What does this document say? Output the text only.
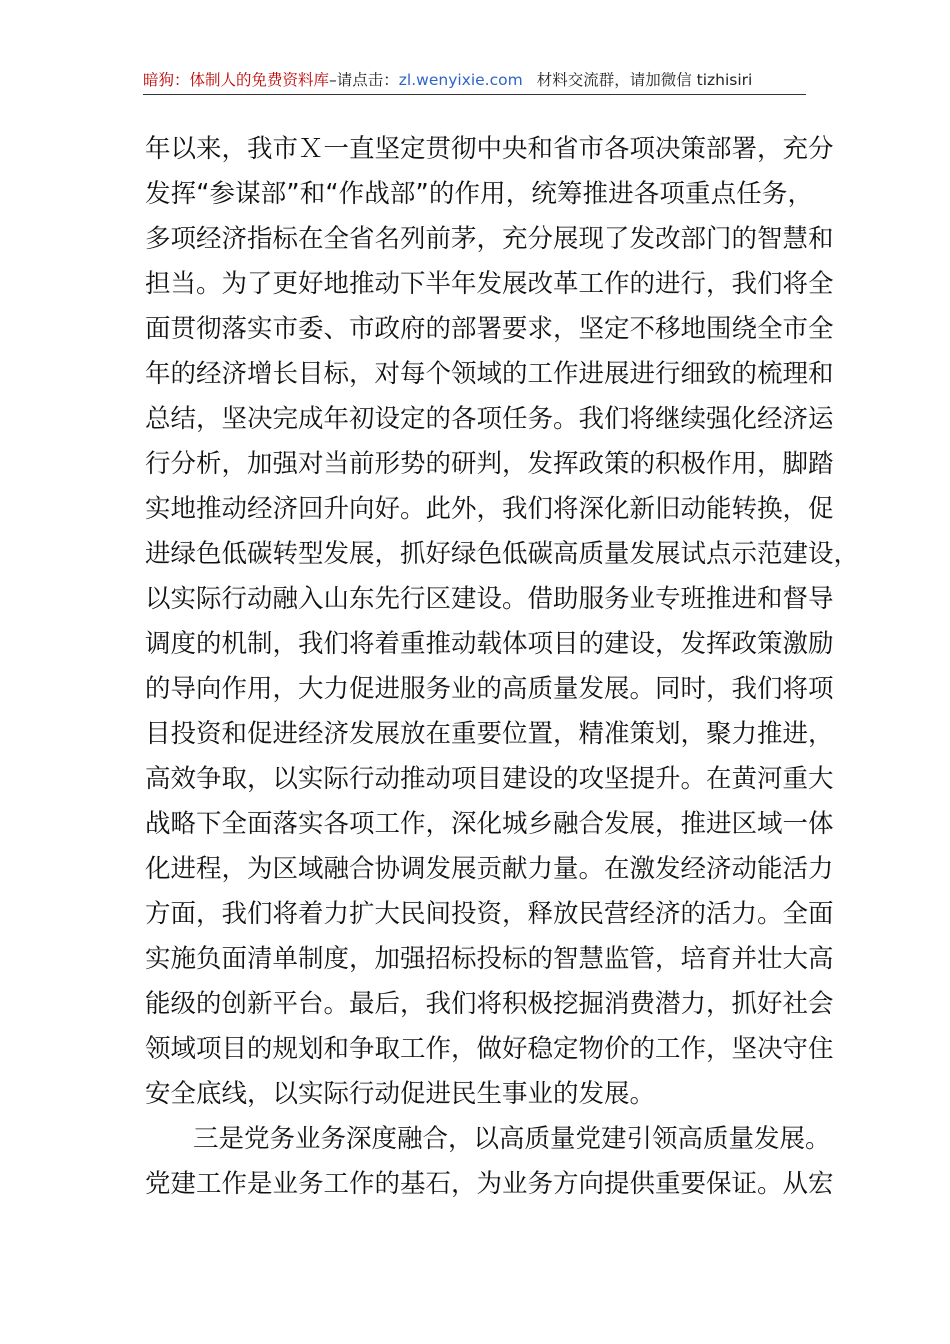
暗狗：体制人的免费资料库–请点击：zl.wenyixie.com 材料交流群，请加微信 tizhisiri
年以来，我市Ｘ一直坚定贯彻中央和省市各项决策部署，充分
发挥“参谋部”和“作战部”的作用，统筹推进各项重点任务，
多项经济指标在全省名列前茅，充分展现了发改部门的智慧和
担当。为了更好地推动下半年发展改革工作的进行，我们将全
面贯彻落实市委、市政府的部署要求，坚定不移地围绕全市全
年的经济增长目标，对每个领域的工作进展进行细致的梳理和
总结，坚决完成年初设定的各项任务。我们将继续强化经济运
行分析，加强对当前形势的研判，发挥政策的积极作用，脚踏
实地推动经济回升向好。此外，我们将深化新旧动能转换，促
进绿色低碳转型发展，抓好绿色低碳高质量发展试点示范建设，
以实际行动融入山东先行区建设。借助服务业专班推进和督导
调度的机制，我们将着重推动载体项目的建设，发挥政策激励
的导向作用，大力促进服务业的高质量发展。同时，我们将项
目投资和促进经济发展放在重要位置，精准策划，聚力推进，
高效争取，以实际行动推动项目建设的攻坚提升。在黄河重大
战略下全面落实各项工作，深化城乡融合发展，推进区域一体
化进程，为区域融合协调发展贡献力量。在激发经济动能活力
方面，我们将着力扩大民间投资，释放民营经济的活力。全面
实施负面清单制度，加强招标投标的智慧监管，培育并壮大高
能级的创新平台。最后，我们将积极挖掘消费潜力，抓好社会
领域项目的规划和争取工作，做好稳定物价的工作，坚决守住
安全底线，以实际行动促进民生事业的发展。
三是党务业务深度融合，以高质量党建引领高质量发展。
党建工作是业务工作的基石，为业务方向提供重要保证。从宏
